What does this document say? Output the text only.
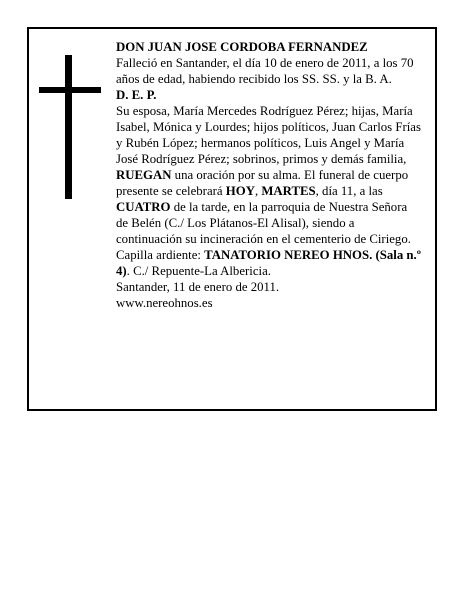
DON JUAN JOSE CORDOBA FERNANDEZ

Falleció en Santander, el día 10 de enero de 2011, a los 70 años de edad, habiendo recibido los SS. SS. y la B. A.

D. E. P.

Su esposa, María Mercedes Rodríguez Pérez; hijas, María Isabel, Mónica y Lourdes; hijos políticos, Juan Carlos Frías y Rubén López; hermanos políticos, Luis Angel y María José Rodríguez Pérez; sobrinos, primos y demás familia,

RUEGAN una oración por su alma. El funeral de cuerpo presente se celebrará HOY, MARTES, día 11, a las CUATRO de la tarde, en la parroquia de Nuestra Señora de Belén (C./ Los Plátanos-El Alisal), siendo a continuación su incineración en el cementerio de Ciriego. Capilla ardiente: TANATORIO NEREO HNOS. (Sala n.º 4). C./ Repuente-La Albericia.

Santander, 11 de enero de 2011.

www.nereohnos.es
